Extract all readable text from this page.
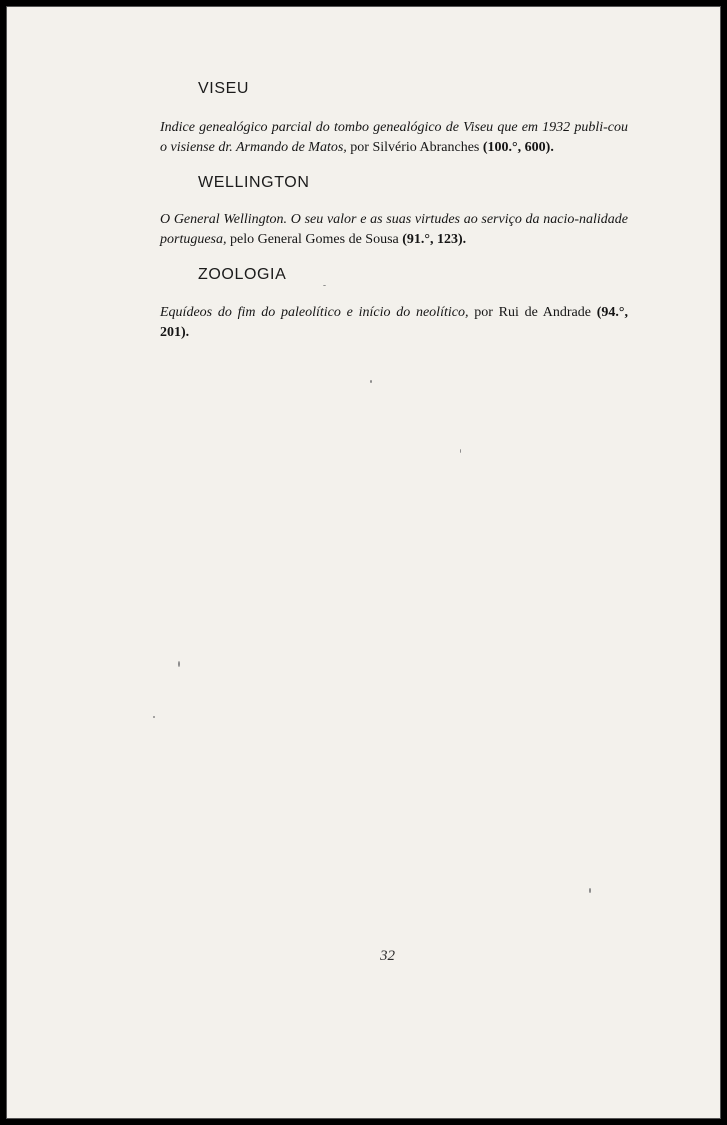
VISEU

Indice genealógico parcial do tombo genealógico de Viseu que em 1932 publi-cou o visiense dr. Armando de Matos, por Silvério Abranches (100.°, 600).

WELLINGTON

O General Wellington. O seu valor e as suas virtudes ao serviço da nacio-nalidade portuguesa, pelo General Gomes de Sousa (91.°, 123).

ZOOLOGIA

Equídeos do fim do paleolítico e início do neolítico, por Rui de Andrade (94.°, 201).

32
